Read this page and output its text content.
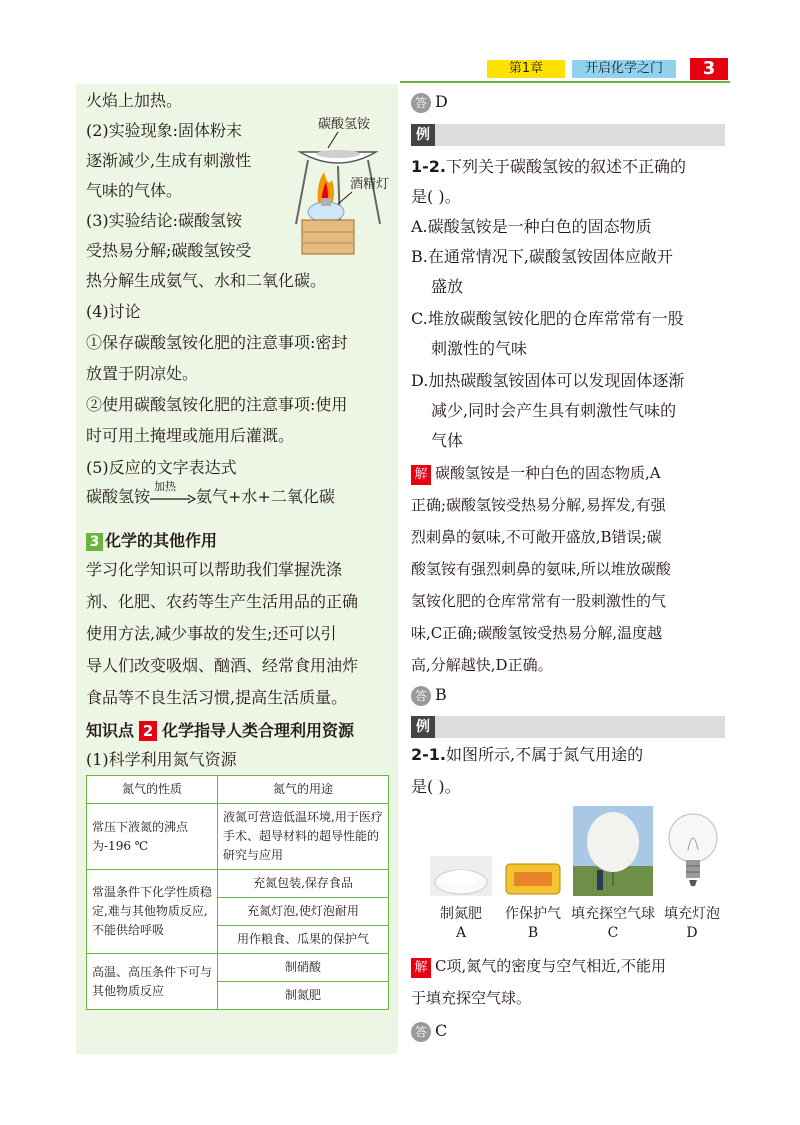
第1章	开启化学之门	3
火焰上加热。
(2)实验现象:固体粉末
逐渐减少,生成有刺激性
气味的气体。
(3)实验结论:碳酸氢铵
受热易分解;碳酸氢铵受
热分解生成氨气、水和二氧化碳。
(4)讨论
①保存碳酸氢铵化肥的注意事项:密封
放置于阴凉处。
②使用碳酸氢铵化肥的注意事项:使用
时可用土掩埋或施用后灌溉。
(5)反应的文字表达式
碳酸氢铵
酒精灯
碳酸氢铵
加热
氨气+水+二氧化碳
3 化学的其他作用
学习化学知识可以帮助我们掌握洗涤
剂、化肥、农药等生产生活用品的正确
使用方法,减少事故的发生;还可以引
导人们改变吸烟、酗酒、经常食用油炸
食品等不良生活习惯,提高生活质量。
知识点 2 化学指导人类合理利用资源
(1)科学利用氮气资源
氮气的性质	氮气的用途
常压下液氮的沸点为-196 ℃	液氮可营造低温环境,用于医疗手术、超导材料的超导性能的研究与应用
常温条件下化学性质稳定,难与其他物质反应,不能供给呼吸	充氮包装,保存食品
	充氮灯泡,使灯泡耐用
	用作粮食、瓜果的保护气
高温、高压条件下可与其他物质反应	制硝酸
	制氮肥
答 D
例
1-2.下列关于碳酸氢铵的叙述不正确的
是( )。
A.碳酸氢铵是一种白色的固态物质
B.在通常情况下,碳酸氢铵固体应敞开
盛放
C.堆放碳酸氢铵化肥的仓库常常有一股
刺激性的气味
D.加热碳酸氢铵固体可以发现固体逐渐
减少,同时会产生具有刺激性气味的
气体
解 碳酸氢铵是一种白色的固态物质,A
正确;碳酸氢铵受热易分解,易挥发,有强
烈刺鼻的氨味,不可敞开盛放,B错误;碳
酸氢铵有强烈刺鼻的氨味,所以堆放碳酸
氢铵化肥的仓库常常有一股刺激性的气
味,C正确;碳酸氢铵受热易分解,温度越
高,分解越快,D正确。
答 B
例
2-1.如图所示,不属于氮气用途的
是( )。
制氮肥	作保护气 填充探空气球 填充灯泡
A	B	C	D
解 C项,氮气的密度与空气相近,不能用
于填充探空气球。
答 C
